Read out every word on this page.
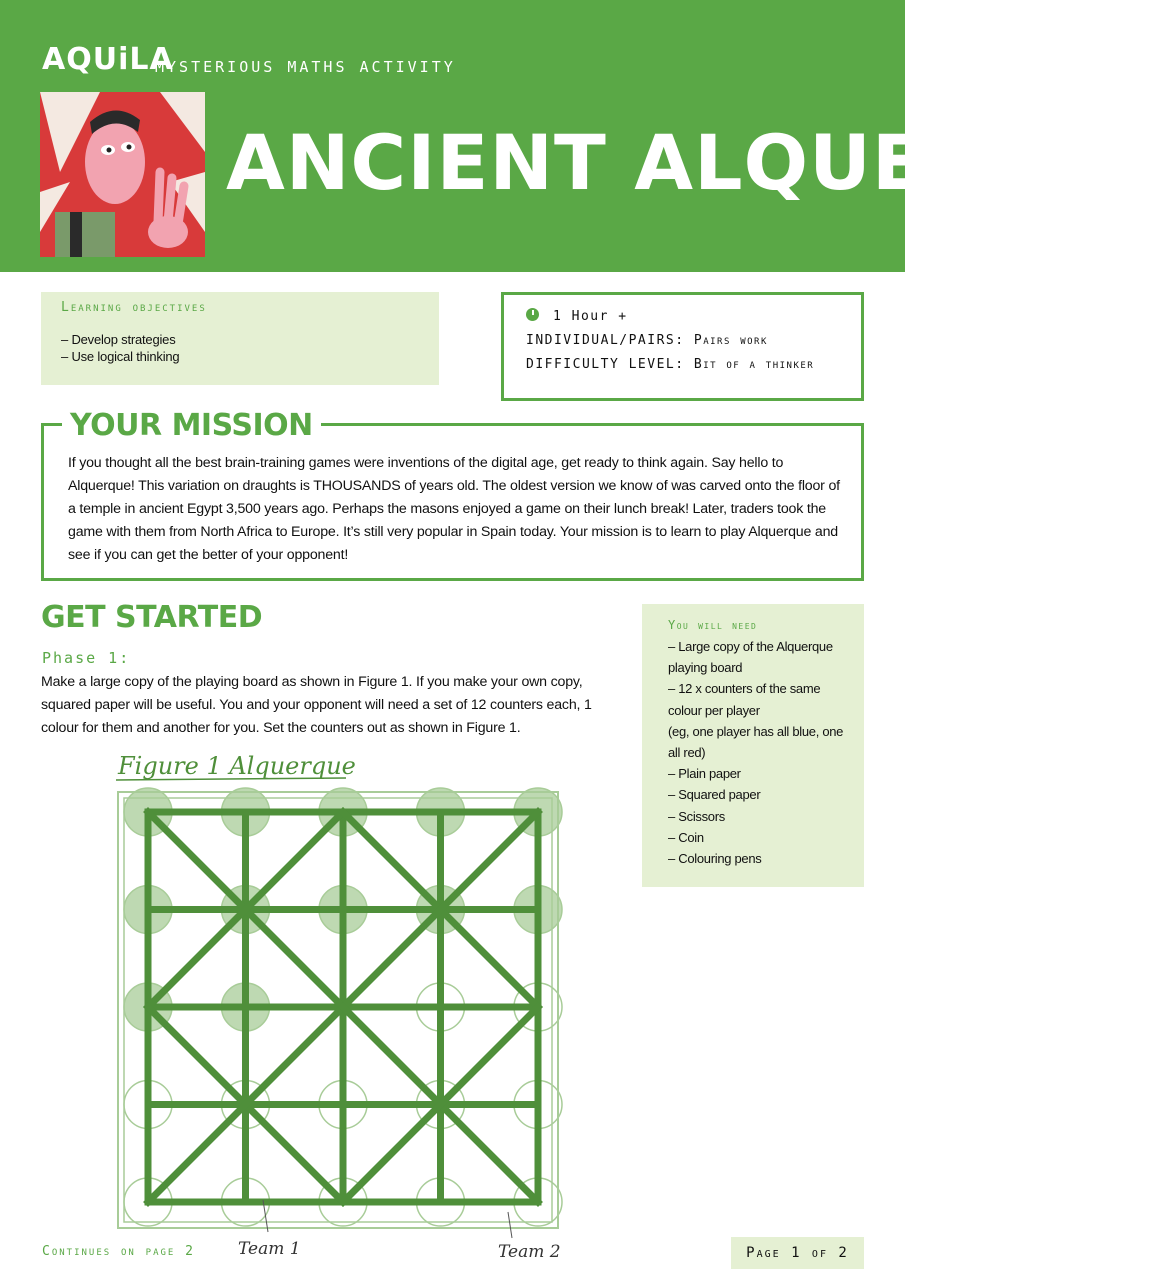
AQUiLA
MYSTERIOUS MATHS ACTIVITY
ANCIENT ALQUERQUE
Learning objectives
– Develop strategies
– Use logical thinking
1 Hour +
INDIVIDUAL/PAIRS: Pairs work
DIFFICULTY LEVEL: Bit of a thinker
YOUR MISSION

If you thought all the best brain-training games were inventions of the digital age, get ready to think again. Say hello to Alquerque! This variation on draughts is THOUSANDS of years old. The oldest version we know of was carved onto the floor of a temple in ancient Egypt 3,500 years ago. Perhaps the masons enjoyed a game on their lunch break! Later, traders took the game with them from North Africa to Europe. It’s still very popular in Spain today. Your mission is to learn to play Alquerque and see if you can get the better of your opponent!

GET STARTED
Phase 1:

Make a large copy of the playing board as shown in Figure 1. If you make your own copy, squared paper will be useful. You and your opponent will need a set of 12 counters each, 1 colour for them and another for you. Set the counters out as shown in Figure 1.

You will need
– Large copy of the Alquerque playing board
– 12 x counters of the same colour per player
(eg, one player has all blue, one all red)
– Plain paper
– Squared paper
– Scissors
– Coin
– Colouring pens
Figure 1 Alquerque
Team 1	Team 2
Continues on page 2	Page 1 of 2
